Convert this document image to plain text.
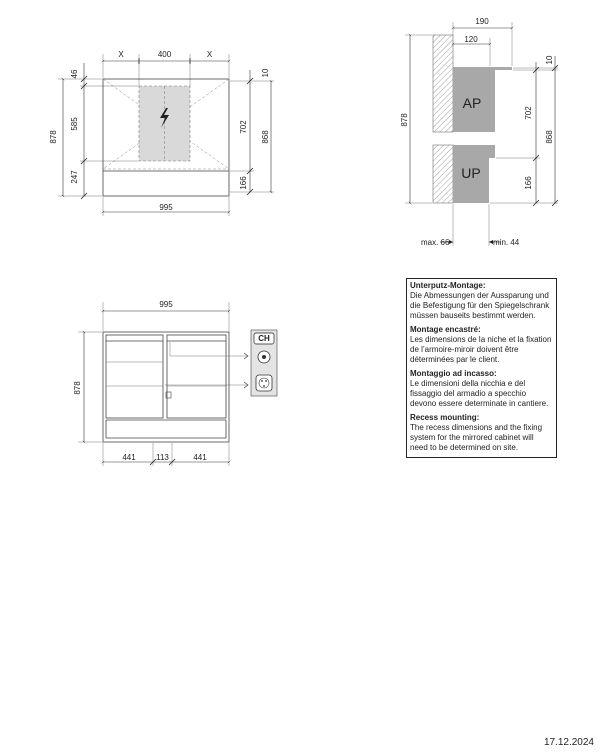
X	400	X
46
585
247
878
10
702
868
166
995
AP
UP
190
120
878
10
702
868
166
max. 66	min. 44
CH
995
878
441	113	441
Unterputz-Montage:
Die Abmessungen der Aussparung und die Befestigung für den Spiegelschrank müssen bauseits bestimmt werden.
Montage encastré:
Les dimensions de la niche et la fixation de l’armoire-miroir doivent être déterminées par le client.
Montaggio ad incasso:
Le dimensioni della nicchia e del fissaggio del armadio a specchio devono essere determinate in cantiere.
Recess mounting:
The recess dimensions and the fixing system for the mirrored cabinet will need to be determined on site.
17.12.2024
